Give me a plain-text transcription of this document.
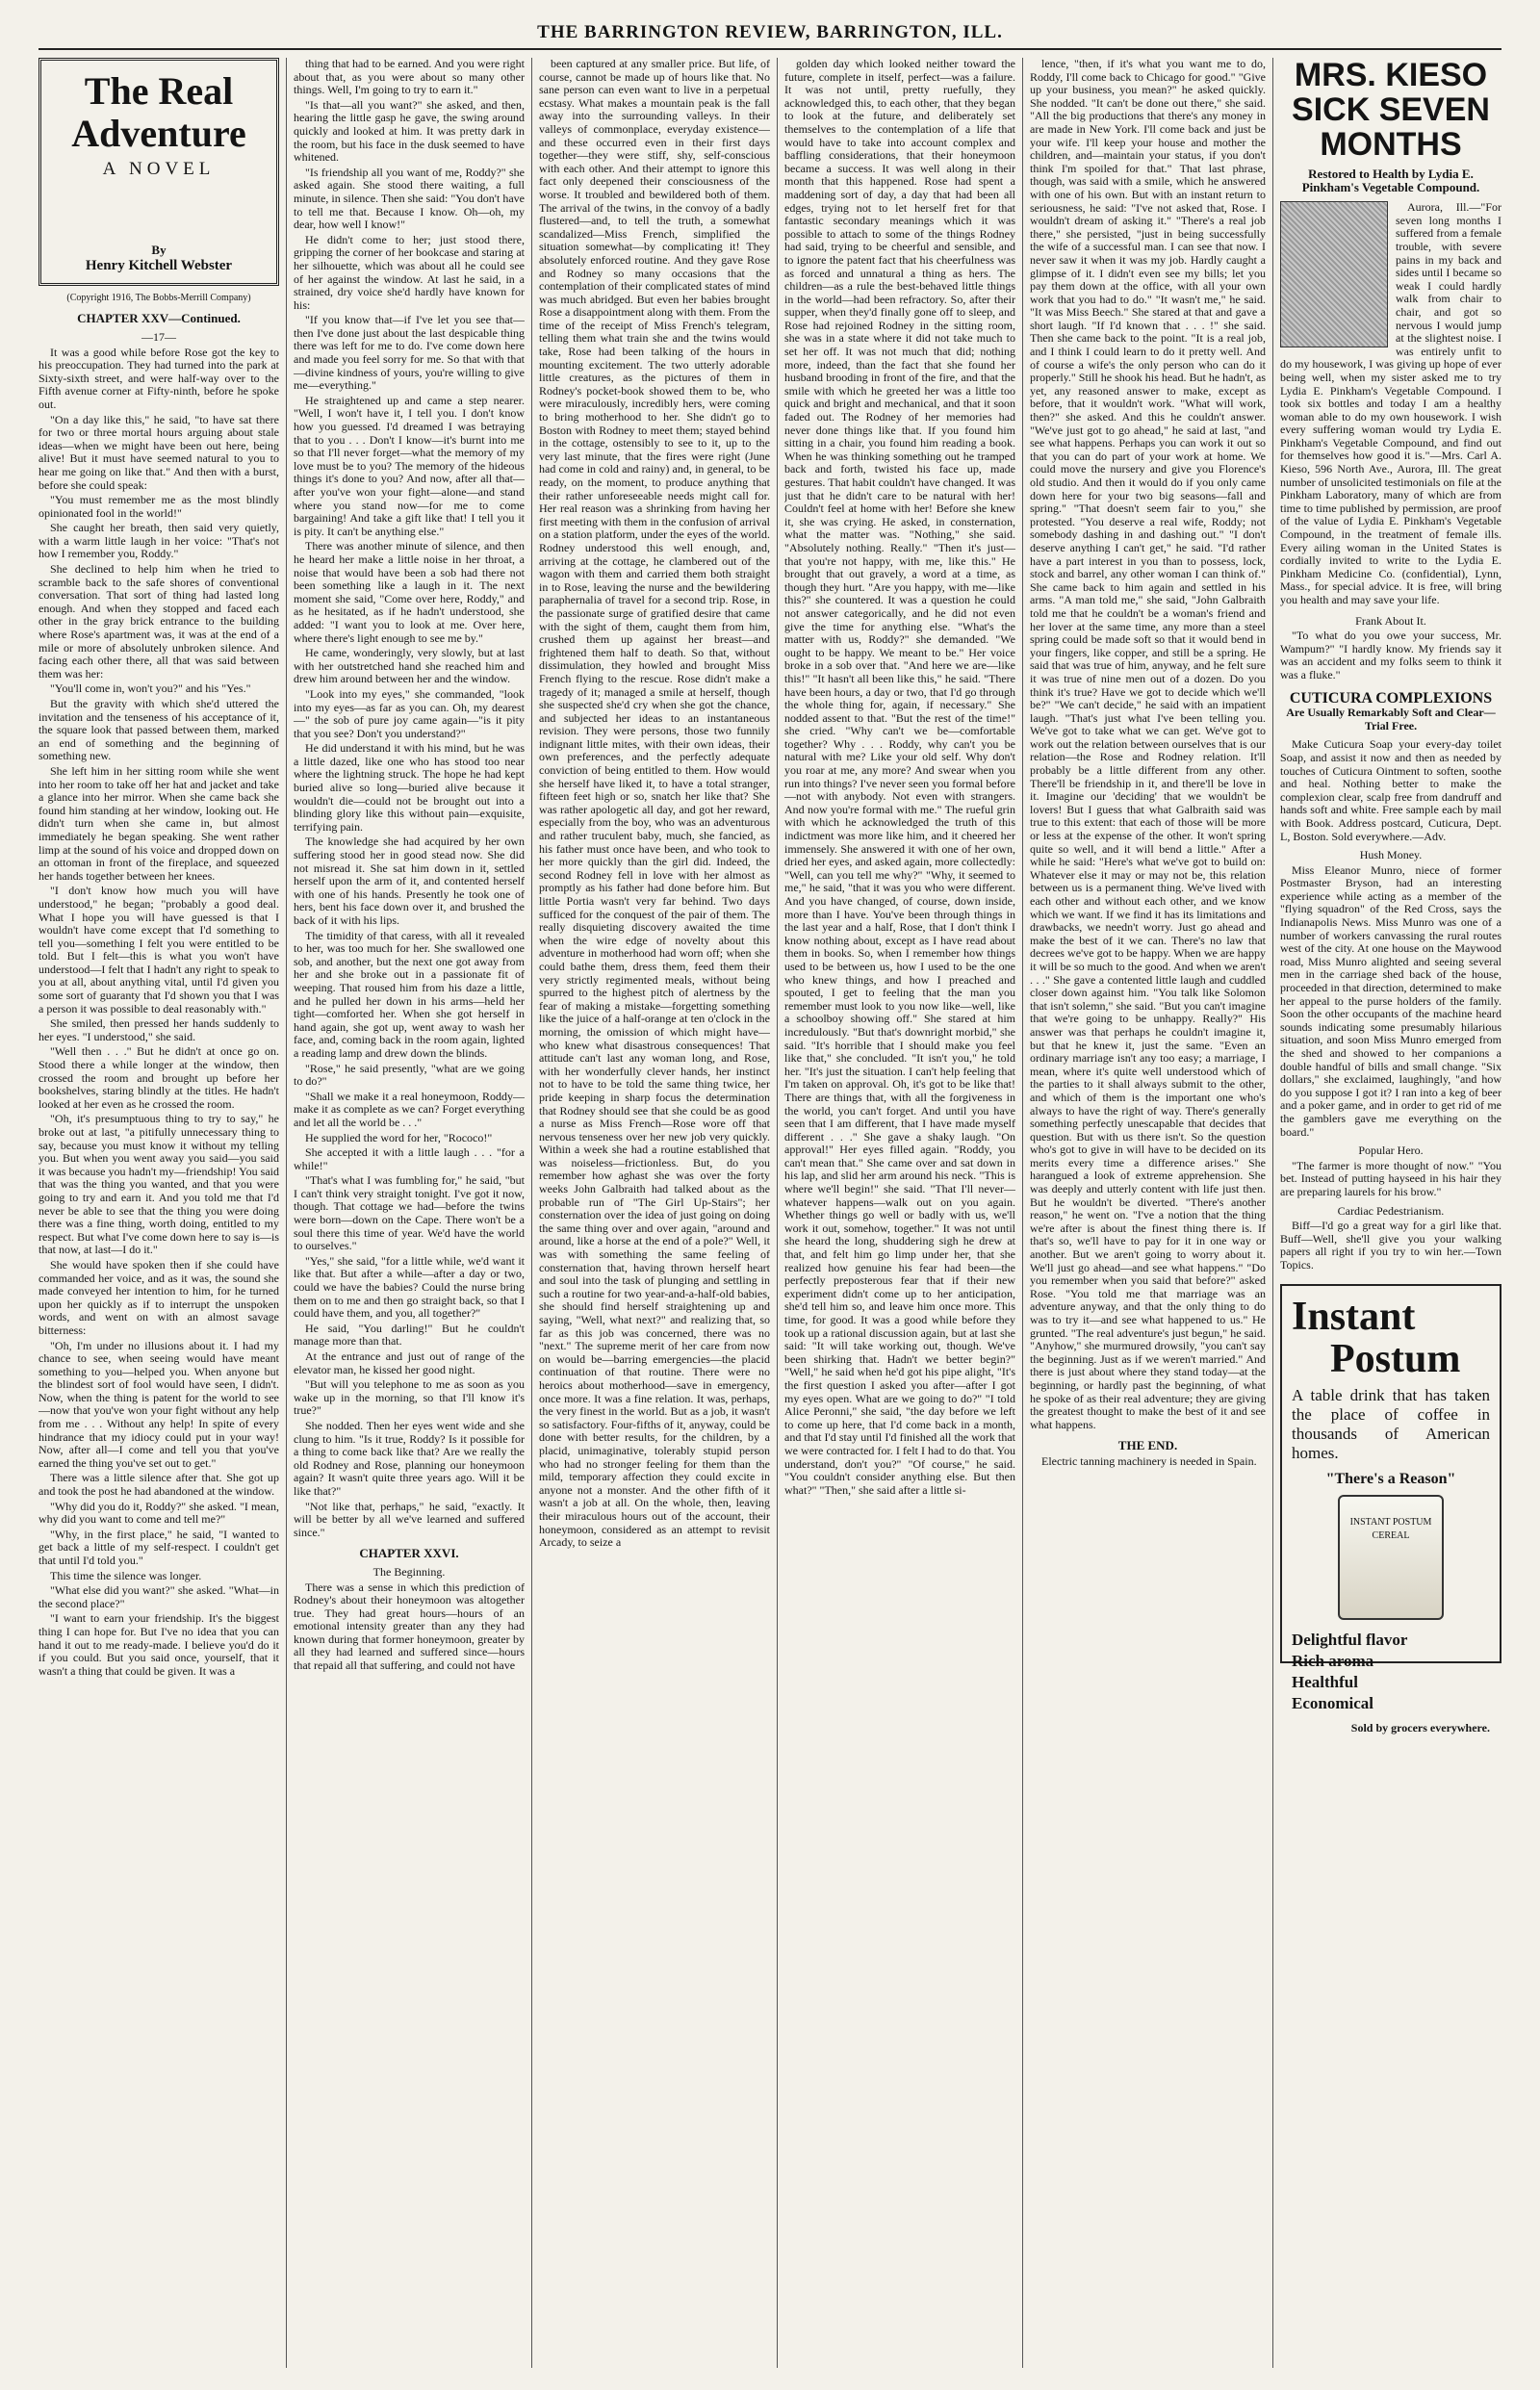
THE BARRINGTON REVIEW, BARRINGTON, ILL.
The Real Adventure
A NOVEL
By
Henry Kitchell Webster
(Copyright 1916, The Bobbs-Merrill Company)
CHAPTER XXV—Continued.
—17—

It was a good while before Rose got the key to his preoccupation. They had turned into the park at Sixty-sixth street, and were half-way over to the Fifth avenue corner at Fifty-ninth, before he spoke out.

"On a day like this," he said, "to have sat there for two or three mortal hours arguing about stale ideas—when we might have been out here, being alive! But it must have seemed natural to you to hear me going on like that." And then with a burst, before she could speak:

"You must remember me as the most blindly opinionated fool in the world!"

She caught her breath, then said very quietly, with a warm little laugh in her voice: "That's not how I remember you, Roddy."

She declined to help him when he tried to scramble back to the safe shores of conventional conversation. That sort of thing had lasted long enough. And when they stopped and faced each other in the gray brick entrance to the building where Rose's apartment was, it was at the end of a mile or more of absolutely unbroken silence. And facing each other there, all that was said between them was her:

"You'll come in, won't you?" and his "Yes."

But the gravity with which she'd uttered the invitation and the tenseness of his acceptance of it, the square look that passed between them, marked an end of something and the beginning of something new.

She left him in her sitting room while she went into her room to take off her hat and jacket and take a glance into her mirror. When she came back she found him standing at her window, looking out. He didn't turn when she came in, but almost immediately he began speaking. She went rather limp at the sound of his voice and dropped down on an ottoman in front of the fireplace, and squeezed her hands together between her knees.

"I don't know how much you will have understood," he began; "probably a good deal. What I hope you will have guessed is that I wouldn't have come except that I'd something to tell you—something I felt you were entitled to be told. But I felt—this is what you won't have understood—I felt that I hadn't any right to speak to you at all, about anything vital, until I'd given you some sort of guaranty that I'd shown you that I was a person it was possible to deal reasonably with."

She smiled, then pressed her hands suddenly to her eyes. "I understood," she said.

"Well then . . ." But he didn't at once go on. Stood there a while longer at the window, then crossed the room and brought up before her bookshelves, staring blindly at the titles. He hadn't looked at her even as he crossed the room.

"Oh, it's presumptuous thing to try to say," he broke out at last, "a pitifully unnecessary thing to say, because you must know it without my telling you. But when you went away you said—you said it was because you hadn't my—friendship! You said that was the thing you wanted, and that you were going to try and earn it. And you told me that I'd never be able to see that the thing you were doing there was a fine thing, worth doing, entitled to my respect. But what I've come down here to say is—is that now, at last—I do it."

She would have spoken then if she could have commanded her voice, and as it was, the sound she made conveyed her intention to him, for he turned upon her quickly as if to interrupt the unspoken words, and went on with an almost savage bitterness:

"Oh, I'm under no illusions about it. I had my chance to see, when seeing would have meant something to you—helped you. When anyone but the blindest sort of fool would have seen, I didn't. Now, when the thing is patent for the world to see—now that you've won your fight without any help from me . . . Without any help! In spite of every hindrance that my idiocy could put in your way! Now, after all—I come and tell you that you've earned the thing you've set out to get."

There was a little silence after that. She got up and took the post he had abandoned at the window.

"Why did you do it, Roddy?" she asked. "I mean, why did you want to come and tell me?"

"Why, in the first place," he said, "I wanted to get back a little of my self-respect. I couldn't get that until I'd told you."

This time the silence was longer.

"What else did you want?" she asked. "What—in the second place?"

"I want to earn your friendship. It's the biggest thing I can hope for. But I've no idea that you can hand it out to me ready-made. I believe you'd do it if you could. But you said once, yourself, that it wasn't a thing that could be given. It was a

thing that had to be earned. And you were right about that, as you were about so many other things. Well, I'm going to try to earn it."

"Is that—all you want?" she asked, and then, hearing the little gasp he gave, the swing around quickly and looked at him. It was pretty dark in the room, but his face in the dusk seemed to have whitened.

"Is friendship all you want of me, Roddy?" she asked again. She stood there waiting, a full minute, in silence. Then she said: "You don't have to tell me that. Because I know. Oh—oh, my dear, how well I know!"

He didn't come to her; just stood there, gripping the corner of her bookcase and staring at her silhouette, which was about all he could see of her against the window. At last he said, in a strained, dry voice she'd hardly have known for his:

"If you know that—if I've let you see that—then I've done just about the last despicable thing there was left for me to do. I've come down here and made you feel sorry for me. So that with that—divine kindness of yours, you're willing to give me—everything."

He straightened up and came a step nearer. "Well, I won't have it, I tell you. I don't know how you guessed. I'd dreamed I was betraying that to you . . . Don't I know—it's burnt into me so that I'll never forget—what the memory of my love must be to you? The memory of the hideous things it's done to you? And now, after all that—after you've won your fight—alone—and stand where you stand now—for me to come bargaining! And take a gift like that! I tell you it is pity. It can't be anything else."

There was another minute of silence, and then he heard her make a little noise in her throat, a noise that would have been a sob had there not been something like a laugh in it. The next moment she said, "Come over here, Roddy," and as he hesitated, as if he hadn't understood, she added: "I want you to look at me. Over here, where there's light enough to see me by."

He came, wonderingly, very slowly, but at last with her outstretched hand she reached him and drew him around between her and the window.

"Look into my eyes," she commanded, "look into my eyes—as far as you can. Oh, my dearest—" the sob of pure joy came again—"is it pity that you see? Don't you understand?"

He did understand it with his mind, but he was a little dazed, like one who has stood too near where the lightning struck. The hope he had kept buried alive so long—buried alive because it wouldn't die—could not be brought out into a blinding glory like this without pain—exquisite, terrifying pain.

The knowledge she had acquired by her own suffering stood her in good stead now. She did not misread it. She sat him down in it, settled herself upon the arm of it, and contented herself with one of his hands. Presently he took one of hers, bent his face down over it, and brushed the back of it with his lips.

The timidity of that caress, with all it revealed to her, was too much for her. She swallowed one sob, and another, but the next one got away from her and she broke out in a passionate fit of weeping. That roused him from his daze a little, and he pulled her down in his arms—held her tight—comforted her. When she got herself in hand again, she got up, went away to wash her face, and, coming back in the room again, lighted a reading lamp and drew down the blinds.

"Rose," he said presently, "what are we going to do?"

"Shall we make it a real honeymoon, Roddy—make it as complete as we can? Forget everything and let all the world be . . ."

He supplied the word for her, "Rococo!"

She accepted it with a little laugh . . . "for a while!"

"That's what I was fumbling for," he said, "but I can't think very straight tonight. I've got it now, though. That cottage we had—before the twins were born—down on the Cape. There won't be a soul there this time of year. We'd have the world to ourselves."

"Yes," she said, "for a little while, we'd want it like that. But after a while—after a day or two, could we have the babies? Could the nurse bring them on to me and then go straight back, so that I could have them, and you, all together?"

He said, "You darling!" But he couldn't manage more than that.

At the entrance and just out of range of the elevator man, he kissed her good night.

"But will you telephone to me as soon as you wake up in the morning, so that I'll know it's true?"

She nodded. Then her eyes went wide and she clung to him. "Is it true, Roddy? Is it possible for a thing to come back like that? Are we really the old Rodney and Rose, planning our honeymoon again? It wasn't quite three years ago. Will it be like that?"

"Not like that, perhaps," he said, "exactly. It will be better by all we've learned and suffered since."

CHAPTER XXVI.
The Beginning.

There was a sense in which this prediction of Rodney's about their honeymoon was altogether true. They had great hours—hours of an emotional intensity greater than any they had known during that former honeymoon, greater by all they had learned and suffered since—hours that repaid all that suffering, and could not have

been captured at any smaller price. But life, of course, cannot be made up of hours like that. No sane person can even want to live in a perpetual ecstasy. What makes a mountain peak is the fall away into the surrounding valleys. In their valleys of commonplace, everyday existence—and these occurred even in their first days together—they were stiff, shy, self-conscious with each other. And their attempt to ignore this fact only deepened their consciousness of the worse. It troubled and bewildered both of them. The arrival of the twins, in the convoy of a badly flustered—and, to tell the truth, a somewhat scandalized—Miss French, simplified the situation somewhat—by complicating it! They absolutely enforced routine. And they gave Rose and Rodney so many occasions that the contemplation of their complicated states of mind was much abridged. But even her babies brought Rose a disappointment along with them. From the time of the receipt of Miss French's telegram, telling them what train she and the twins would take, Rose had been talking of the hours in mounting excitement. The two utterly adorable little creatures, as the pictures of them in Rodney's pocket-book showed them to be, who were miraculously, incredibly hers, were coming to bring motherhood to her. She didn't go to Boston with Rodney to meet them; stayed behind in the cottage, ostensibly to see to it, up to the very last minute, that the fires were right (June had come in cold and rainy) and, in general, to be ready, on the moment, to produce anything that their rather unforeseeable needs might call for. Her real reason was a shrinking from having her first meeting with them in the confusion of arrival on a station platform, under the eyes of the world. Rodney understood this well enough, and, arriving at the cottage, he clambered out of the wagon with them and carried them both straight in to Rose, leaving the nurse and the bewildering paraphernalia of travel for a second trip. Rose, in the passionate surge of gratified desire that came with the sight of them, caught them from him, crushed them up against her breast—and frightened them half to death. So that, without dissimulation, they howled and brought Miss French flying to the rescue. Rose didn't make a tragedy of it; managed a smile at herself, though she suspected she'd cry when she got the chance, and subjected her ideas to an instantaneous revision. They were persons, those two funnily indignant little mites, with their own ideas, their own preferences, and the perfectly adequate conviction of being entitled to them. How would she herself have liked it, to have a total stranger, fifteen feet high or so, snatch her like that? She was rather apologetic all day, and got her reward, especially from the boy, who was an adventurous and rather truculent baby, much, she fancied, as his father must once have been, and who took to her more quickly than the girl did. Indeed, the second Rodney fell in love with her almost as promptly as his father had done before him. But little Portia wasn't very far behind. Two days sufficed for the conquest of the pair of them. The really disquieting discovery awaited the time when the wire edge of novelty about this adventure in motherhood had worn off; when she could bathe them, dress them, feed them their very strictly regimented meals, without being spurred to the highest pitch of alertness by the fear of making a mistake—forgetting something like the juice of a half-orange at ten o'clock in the morning, the omission of which might have—who knew what disastrous consequences! That attitude can't last any woman long, and Rose, with her wonderfully clever hands, her instinct not to have to be told the same thing twice, her pride keeping in sharp focus the determination that Rodney should see that she could be as good a nurse as Miss French—Rose wore off that nervous tenseness over her new job very quickly. Within a week she had a routine established that was noiseless—frictionless. But, do you remember how aghast she was over the forty weeks John Galbraith had talked about as the probable run of "The Girl Up-Stairs"; her consternation over the idea of just going on doing the same thing over and over again, "around and around, like a horse at the end of a pole?" Well, it was with something the same feeling of consternation that, having thrown herself heart and soul into the task of plunging and settling in such a routine for two year-and-a-half-old babies, she should find herself straightening up and saying, "Well, what next?" and realizing that, so far as this job was concerned, there was no "next." The supreme merit of her care from now on would be—barring emergencies—the placid continuation of that routine. There were no heroics about motherhood—save in emergency, once more. It was a fine relation. It was, perhaps, the very finest in the world. But as a job, it wasn't so satisfactory. Four-fifths of it, anyway, could be done with better results, for the children, by a placid, unimaginative, tolerably stupid person who had no stronger feeling for them than the mild, temporary affection they could excite in anyone not a monster. And the other fifth of it wasn't a job at all. On the whole, then, leaving their miraculous hours out of the account, their honeymoon, considered as an attempt to revisit Arcady, to seize a

golden day which looked neither toward the future, complete in itself, perfect—was a failure. It was not until, pretty ruefully, they acknowledged this, to each other, that they began to look at the future, and deliberately set themselves to the contemplation of a life that would have to take into account complex and baffling considerations, that their honeymoon became a success. It was well along in their month that this happened. Rose had spent a maddening sort of day, a day that had been all edges, trying not to let herself fret for that fantastic secondary meanings which it was possible to attach to some of the things Rodney had said, trying to be cheerful and sensible, and to ignore the patent fact that his cheerfulness was as forced and unnatural a thing as hers. The children—as a rule the best-behaved little things in the world—had been refractory. So, after their supper, when they'd finally gone off to sleep, and Rose had rejoined Rodney in the sitting room, she was in a state where it did not take much to set her off. It was not much that did; nothing more, indeed, than the fact that she found her husband brooding in front of the fire, and that the smile with which he greeted her was a little too quick and bright and mechanical, and that it soon faded out. The Rodney of her memories had never done things like that. If you found him sitting in a chair, you found him reading a book. When he was thinking something out he tramped back and forth, twisted his face up, made gestures. That habit couldn't have changed. It was just that he didn't care to be natural with her! Couldn't feel at home with her! Before she knew it, she was crying. He asked, in consternation, what the matter was. "Nothing," she said. "Absolutely nothing. Really." "Then it's just—that you're not happy, with me, like this." He brought that out gravely, a word at a time, as though they hurt. "Are you happy, with me—like this?" she countered. It was a question he could not answer categorically, and he did not even give the time for anything else. "What's the matter with us, Roddy?" she demanded. "We ought to be happy. We meant to be." Her voice broke in a sob over that. "And here we are—like this!" "It hasn't all been like this," he said. "There have been hours, a day or two, that I'd go through the whole thing for, again, if necessary." She nodded assent to that. "But the rest of the time!" she cried. "Why can't we be—comfortable together? Why . . . Roddy, why can't you be natural with me? Like your old self. Why don't you roar at me, any more? And swear when you run into things? I've never seen you formal before—not with anybody. Not even with strangers. And now you're formal with me." The rueful grin with which he acknowledged the truth of this indictment was more like him, and it cheered her immensely. She answered it with one of her own, dried her eyes, and asked again, more collectedly: "Well, can you tell me why?" "Why, it seemed to me," he said, "that it was you who were different. And you have changed, of course, down inside, more than I have. You've been through things in the last year and a half, Rose, that I don't think I know nothing about, except as I have read about them in books. So, when I remember how things used to be between us, how I used to be the one who knew things, and how I preached and spouted, I get to feeling that the man you remember must look to you now like—well, like a schoolboy showing off." She stared at him incredulously. "But that's downright morbid," she said. "It's horrible that I should make you feel like that," she concluded. "It isn't you," he told her. "It's just the situation. I can't help feeling that I'm taken on approval. Oh, it's got to be like that! There are things that, with all the forgiveness in the world, you can't forget. And until you have seen that I am different, that I have made myself different . . ." She gave a shaky laugh. "On approval!" Her eyes filled again. "Roddy, you can't mean that." She came over and sat down in his lap, and slid her arm around his neck. "This is where we'll begin!" she said. "That I'll never—whatever happens—walk out on you again. Whether things go well or badly with us, we'll work it out, somehow, together." It was not until she heard the long, shuddering sigh he drew at that, and felt him go limp under her, that she realized how genuine his fear had been—the perfectly preposterous fear that if their new experiment didn't come up to her anticipation, she'd tell him so, and leave him once more. This time, for good. It was a good while before they took up a rational discussion again, but at last she said: "It will take working out, though. We've been shirking that. Hadn't we better begin?" "Well," he said when he'd got his pipe alight, "It's the first question I asked you after—after I got my eyes open. What are we going to do?" "I told Alice Peronni," she said, "the day before we left to come up here, that I'd come back in a month, and that I'd stay until I'd finished all the work that we were contracted for. I felt I had to do that. You understand, don't you?" "Of course," he said. "You couldn't consider anything else. But then what?" "Then," she said after a little si-

lence, "then, if it's what you want me to do, Roddy, I'll come back to Chicago for good." "Give up your business, you mean?" he asked quickly. She nodded. "It can't be done out there," she said. "All the big productions that there's any money in are made in New York. I'll come back and just be your wife. I'll keep your house and mother the children, and—maintain your status, if you don't think I'm spoiled for that." That last phrase, though, was said with a smile, which he answered with one of his own. But with an instant return to seriousness, he said: "I've not asked that, Rose. I wouldn't dream of asking it." "There's a real job there," she persisted, "just in being successfully the wife of a successful man. I can see that now. I never saw it when it was my job. Hardly caught a glimpse of it. I didn't even see my bills; let you pay them down at the office, with all your own work that you had to do." "It wasn't me," he said. "It was Miss Beech." She stared at that and gave a short laugh. "If I'd known that . . . !" she said. Then she came back to the point. "It is a real job, and I think I could learn to do it pretty well. And of course a wife's the only person who can do it properly." Still he shook his head. But he hadn't, as yet, any reasoned answer to make, except as before, that it wouldn't work. "What will work, then?" she asked. And this he couldn't answer. "We've just got to go ahead," he said at last, "and see what happens. Perhaps you can work it out so that you can do part of your work at home. We could move the nursery and give you Florence's old studio. And then it would do if you only came down here for your two big seasons—fall and spring." "That doesn't seem fair to you," she protested. "You deserve a real wife, Roddy; not somebody dashing in and dashing out." "I don't deserve anything I can't get," he said. "I'd rather have a part interest in you than to possess, lock, stock and barrel, any other woman I can think of." She came back to him again and settled in his arms. "A man told me," she said, "John Galbraith told me that he couldn't be a woman's friend and her lover at the same time, any more than a steel spring could be made soft so that it would bend in your fingers, like copper, and still be a spring. He said that was true of him, anyway, and he felt sure it was true of nine men out of a dozen. Do you think it's true? Have we got to decide which we'll be?" "We can't decide," he said with an impatient laugh. "That's just what I've been telling you. We've got to take what we can get. We've got to work out the relation between ourselves that is our relation—the Rose and Rodney relation. It'll probably be a little different from any other. There'll be friendship in it, and there'll be love in it. Imagine our 'deciding' that we wouldn't be lovers! But I guess that what Galbraith said was true to this extent: that each of those will be more or less at the expense of the other. It won't spring quite so well, and it will bend a little." After a while he said: "Here's what we've got to build on: Whatever else it may or may not be, this relation between us is a permanent thing. We've lived with each other and without each other, and we know which we want. If we find it has its limitations and drawbacks, we needn't worry. Just go ahead and make the best of it we can. There's no law that decrees we've got to be happy. When we are happy it will be so much to the good. And when we aren't . . ." She gave a contented little laugh and cuddled closer down against him. "You talk like Solomon that isn't solemn," she said. "But you can't imagine that we're going to be unhappy. Really?" His answer was that perhaps he couldn't imagine it, but that he knew it, just the same. "Even an ordinary marriage isn't any too easy; a marriage, I mean, where it's quite well understood which of the parties to it shall always submit to the other, and which of them is the important one who's always to have the right of way. There's generally something perfectly unescapable that decides that question. But with us there isn't. So the question who's got to give in will have to be decided on its merits every time a difference arises." She harangued a look of extreme apprehension. She was deeply and utterly content with life just then. But he wouldn't be diverted. "There's another reason," he went on. "I've a notion that the thing we're after is about the finest thing there is. If that's so, we'll have to pay for it in one way or another. But we aren't going to worry about it. We'll just go ahead—and see what happens." "Do you remember when you said that before?" asked Rose. "You told me that marriage was an adventure anyway, and that the only thing to do was to try it—and see what happened to us." He grunted. "The real adventure's just begun," he said. "Anyhow," she murmured drowsily, "you can't say the beginning. Just as if we weren't married." And there is just about where they stand today—at the beginning, or hardly past the beginning, of what he spoke of as their real adventure; they are giving the greatest thought to make the best of it and see what happens.

THE END.

Electric tanning machinery is needed in Spain.

MRS. KIESO SICK SEVEN MONTHS
Restored to Health by Lydia E. Pinkham's Vegetable Compound.

Aurora, Ill.—"For seven long months I suffered from a female trouble, with severe pains in my back and sides until I became so weak I could hardly walk from chair to chair, and got so nervous I would jump at the slightest noise. I was entirely unfit to do my housework, I was giving up hope of ever being well, when my sister asked me to try Lydia E. Pinkham's Vegetable Compound. I took six bottles and today I am a healthy woman able to do my own housework. I wish every suffering woman would try Lydia E. Pinkham's Vegetable Compound, and find out for themselves how good it is."—Mrs. Carl A. Kieso, 596 North Ave., Aurora, Ill. The great number of unsolicited testimonials on file at the Pinkham Laboratory, many of which are from time to time published by permission, are proof of the value of Lydia E. Pinkham's Vegetable Compound, in the treatment of female ills. Every ailing woman in the United States is cordially invited to write to the Lydia E. Pinkham Medicine Co. (confidential), Lynn, Mass., for special advice. It is free, will bring you health and may save your life.

Frank About It.

"To what do you owe your success, Mr. Wampum?" "I hardly know. My friends say it was an accident and my folks seem to think it was a fluke."

CUTICURA COMPLEXIONS
Are Usually Remarkably Soft and Clear—Trial Free.

Make Cuticura Soap your every-day toilet Soap, and assist it now and then as needed by touches of Cuticura Ointment to soften, soothe and heal. Nothing better to make the complexion clear, scalp free from dandruff and hands soft and white. Free sample each by mail with Book. Address postcard, Cuticura, Dept. L, Boston. Sold everywhere.—Adv.

Hush Money.

Miss Eleanor Munro, niece of former Postmaster Bryson, had an interesting experience while acting as a member of the "flying squadron" of the Red Cross, says the Indianapolis News. Miss Munro was one of a number of workers canvassing the rural routes west of the city. At one house on the Maywood road, Miss Munro alighted and seeing several men in the carriage shed back of the house, proceeded in that direction, determined to make her appeal to the purse holders of the family. Soon the other occupants of the machine heard sounds indicating some presumably hilarious situation, and soon Miss Munro emerged from the shed and showed to her companions a double handful of bills and small change. "Six dollars," she exclaimed, laughingly, "and how do you suppose I got it? I ran into a keg of beer and a poker game, and in order to get rid of me the gamblers gave me everything on the board."

Popular Hero.

"The farmer is more thought of now." "You bet. Instead of putting hayseed in his hair they are preparing laurels for his brow."

Cardiac Pedestrianism.

Biff—I'd go a great way for a girl like that. Buff—Well, she'll give you your walking papers all right if you try to win her.—Town Topics.

Instant
Postum
A table drink that has taken the place of coffee in thousands of American homes.
"There's a Reason"
INSTANT POSTUM CEREAL
Delightful flavor
Rich aroma
Healthful
Economical
Sold by grocers everywhere.
